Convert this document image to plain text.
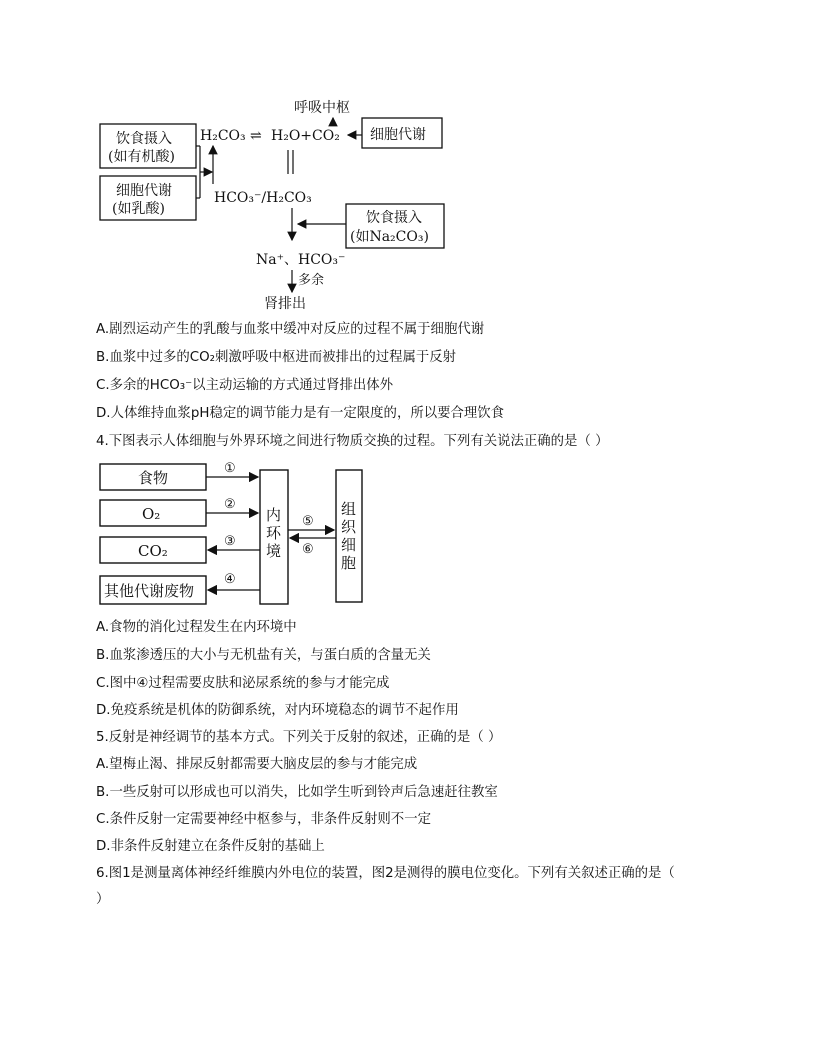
呼吸中枢
H₂CO₃ ⇌ H₂O+CO₂ 细胞代谢
饮食摄入
(如有机酸)
细胞代谢
(如乳酸)
HCO₃⁻/H₂CO₃
饮食摄入
(如Na₂CO₃)
Na⁺、HCO₃⁻
多余
肾排出
A.剧烈运动产生的乳酸与血浆中缓冲对反应的过程不属于细胞代谢
B.血浆中过多的CO₂刺激呼吸中枢进而被排出的过程属于反射
C.多余的HCO₃⁻以主动运输的方式通过肾排出体外
D.人体维持血浆pH稳定的调节能力是有一定限度的，所以要合理饮食
4.下图表示人体细胞与外界环境之间进行物质交换的过程。下列有关说法正确的是（ ）
食物
O₂
CO₂
其他代谢废物
内
环
境
组
织
细
胞
①
②
③
④
⑤
⑥
A.食物的消化过程发生在内环境中
B.血浆渗透压的大小与无机盐有关，与蛋白质的含量无关
C.图中④过程需要皮肤和泌尿系统的参与才能完成
D.免疫系统是机体的防御系统，对内环境稳态的调节不起作用
5.反射是神经调节的基本方式。下列关于反射的叙述，正确的是（ ）
A.望梅止渴、排尿反射都需要大脑皮层的参与才能完成
B.一些反射可以形成也可以消失，比如学生听到铃声后急速赶往教室
C.条件反射一定需要神经中枢参与，非条件反射则不一定
D.非条件反射建立在条件反射的基础上
6.图1是测量离体神经纤维膜内外电位的装置，图2是测得的膜电位变化。下列有关叙述正确的是（
）
